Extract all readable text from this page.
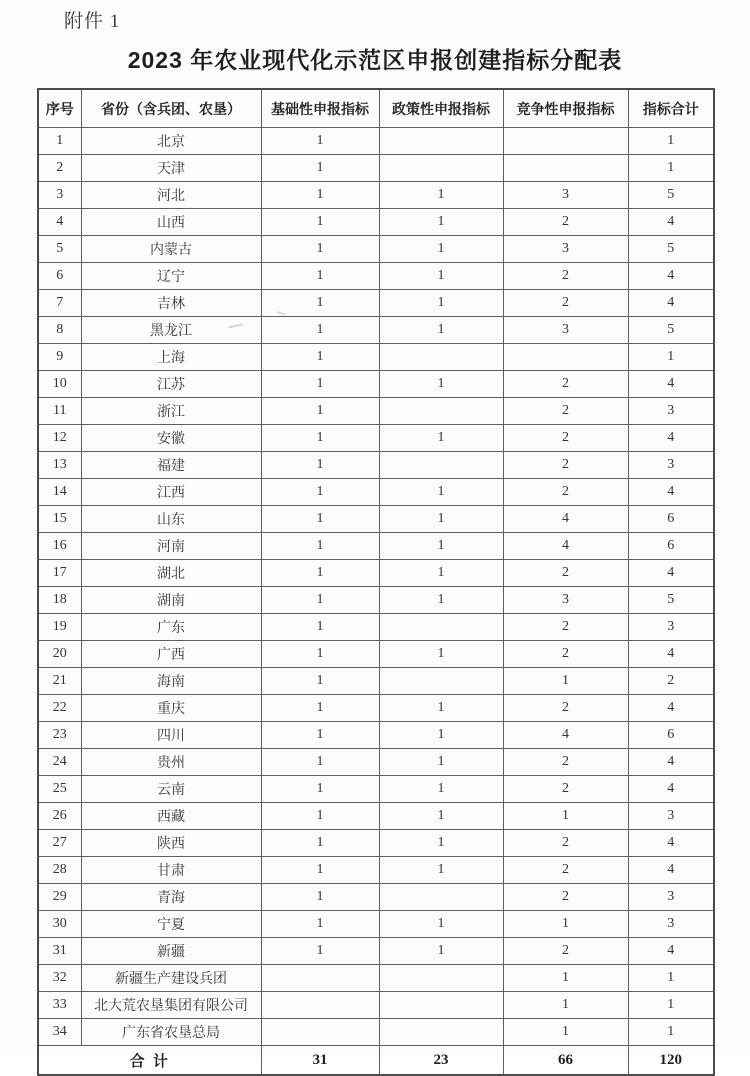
附件 1
2023 年农业现代化示范区申报创建指标分配表
序号	省份（含兵团、农垦）	基础性申报指标	政策性申报指标	竞争性申报指标	指标合计
1	北京	1			1
2	天津	1			1
3	河北	1	1	3	5
4	山西	1	1	2	4
5	内蒙古	1	1	3	5
6	辽宁	1	1	2	4
7	吉林	1	1	2	4
8	黑龙江	1	1	3	5
9	上海	1			1
10	江苏	1	1	2	4
11	浙江	1		2	3
12	安徽	1	1	2	4
13	福建	1		2	3
14	江西	1	1	2	4
15	山东	1	1	4	6
16	河南	1	1	4	6
17	湖北	1	1	2	4
18	湖南	1	1	3	5
19	广东	1		2	3
20	广西	1	1	2	4
21	海南	1		1	2
22	重庆	1	1	2	4
23	四川	1	1	4	6
24	贵州	1	1	2	4
25	云南	1	1	2	4
26	西藏	1	1	1	3
27	陕西	1	1	2	4
28	甘肃	1	1	2	4
29	青海	1		2	3
30	宁夏	1	1	1	3
31	新疆	1	1	2	4
32	新疆生产建设兵团			1	1
33	北大荒农垦集团有限公司			1	1
34	广东省农垦总局			1	1
合 计		31	23	66	120
